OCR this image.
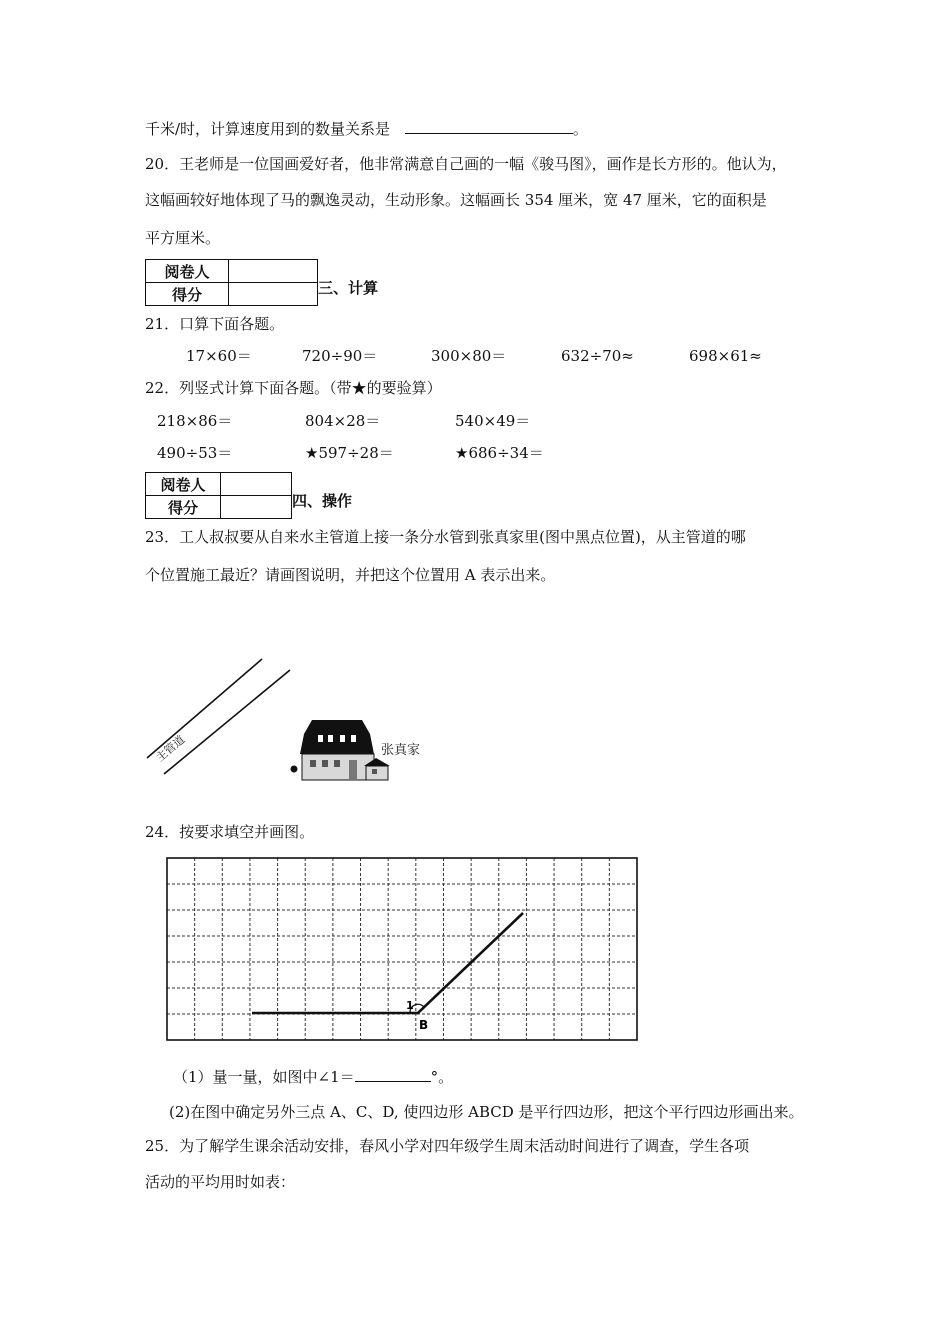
千米/时，计算速度用到的数量关系是	。
20．王老师是一位国画爱好者，他非常满意自己画的一幅《骏马图》，画作是长方形的。他认为，
这幅画较好地体现了马的飘逸灵动，生动形象。这幅画长 354 厘米，宽 47 厘米，它的面积是
平方厘米。
阅卷人	
得分		三、计算
21．口算下面各题。
17×60＝	720÷90＝	300×80＝	632÷70≈	698×61≈
22．列竖式计算下面各题。（带★的要验算）
218×86＝	804×28＝	540×49＝
490÷53＝	★597÷28＝	★686÷34＝
阅卷人	
得分		四、操作
23．工人叔叔要从自来水主管道上接一条分水管到张真家里(图中黑点位置)，从主管道的哪
个位置施工最近？请画图说明，并把这个位置用 A 表示出来。
主管道	张真家
24．按要求填空并画图。
1
B
（1）量一量，如图中∠1＝	°。
(2)在图中确定另外三点 A、C、D, 使四边形 ABCD 是平行四边形，把这个平行四边形画出来。
25．为了解学生课余活动安排，春风小学对四年级学生周末活动时间进行了调查，学生各项
活动的平均用时如表：
